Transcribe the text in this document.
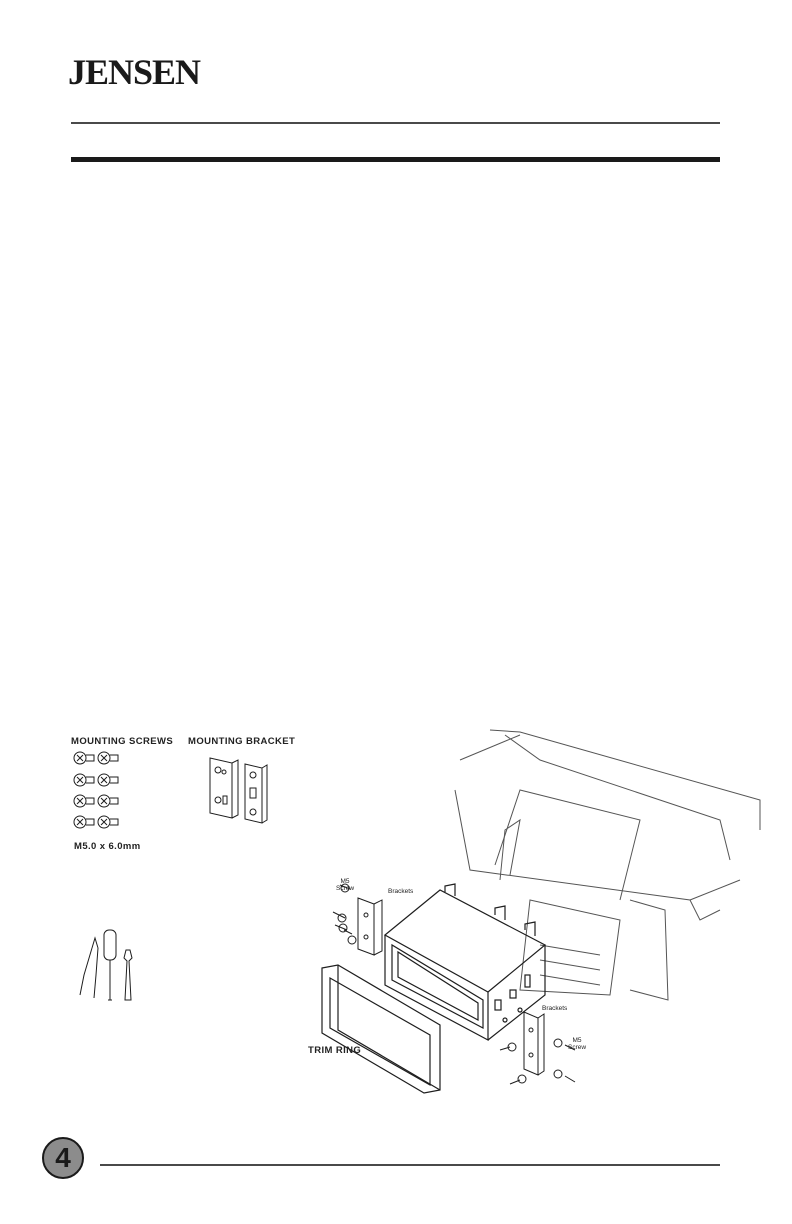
JENSEN
MOUNTING SCREWS MOUNTING BRACKET
M5.0 x 6.0mm
M5
Screw	Brackets
Brackets
M5
Screw
TRIM RING
4
